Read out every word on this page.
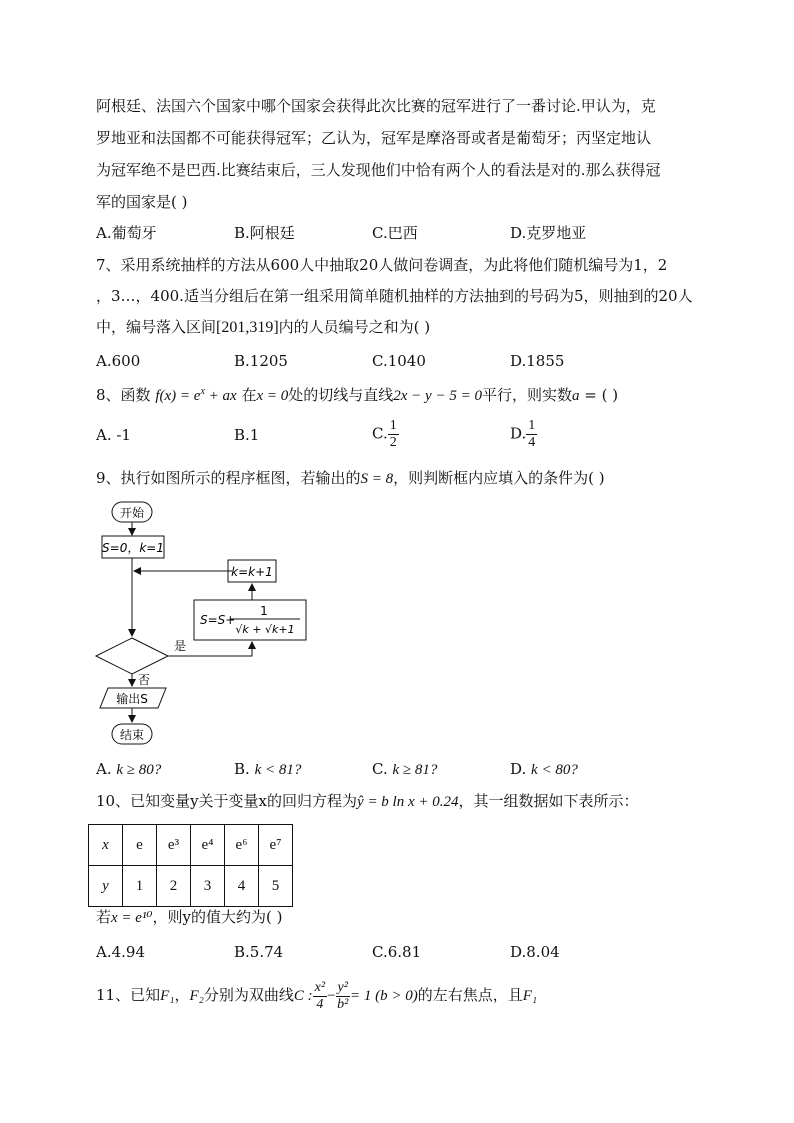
阿根廷、法国六个国家中哪个国家会获得此次比赛的冠军进行了一番讨论.甲认为，克
罗地亚和法国都不可能获得冠军；乙认为，冠军是摩洛哥或者是葡萄牙；丙坚定地认
为冠军绝不是巴西.比赛结束后，三人发现他们中恰有两个人的看法是对的.那么获得冠
军的国家是( )
A.葡萄牙	B.阿根廷	C.巴西	D.克罗地亚
7、采用系统抽样的方法从600人中抽取20人做问卷调查，为此将他们随机编号为1，2
，3…，400.适当分组后在第一组采用简单随机抽样的方法抽到的号码为5，则抽到的20人
中，编号落入区间[201,319]内的人员编号之和为( )
A.600	B.1205	C.1040	D.1855
8、函数 $f(x) = e^x$ + ax 在x = 0处的切线与直线2x − y − 5 = 0平行，则实数a = ( )
A. -1	B.1	C. $\frac{1}{2}$	D. $\frac{1}{4}$
9、执行如图所示的程序框图，若输出的S = 8，则判断框内应填入的条件为( )
开始
S=0，k=1
k=k+1
S=S+
1
√k + √k+1
是
否
输出S
结束
A. k ≥ 80?	B. k < 81?	C. k ≥ 81?	D. k < 80?
10、已知变量y关于变量x的回归方程为ŷ = b ln x + 0.24，其一组数据如下表所示：
x	e	e³	e⁴	e⁶	e⁷
y	1	2	3	4	5
若x = e¹⁰，则y的值大约为( )
A.4.94	B.5.74	C.6.81	D.8.04
11、已知F₁，F₂分别为双曲线C : $\frac{\text{x²}}{4} - \frac{\text{y²}}{\text{b²}} = 1$ (b > 0)的左右焦点，且F₁
